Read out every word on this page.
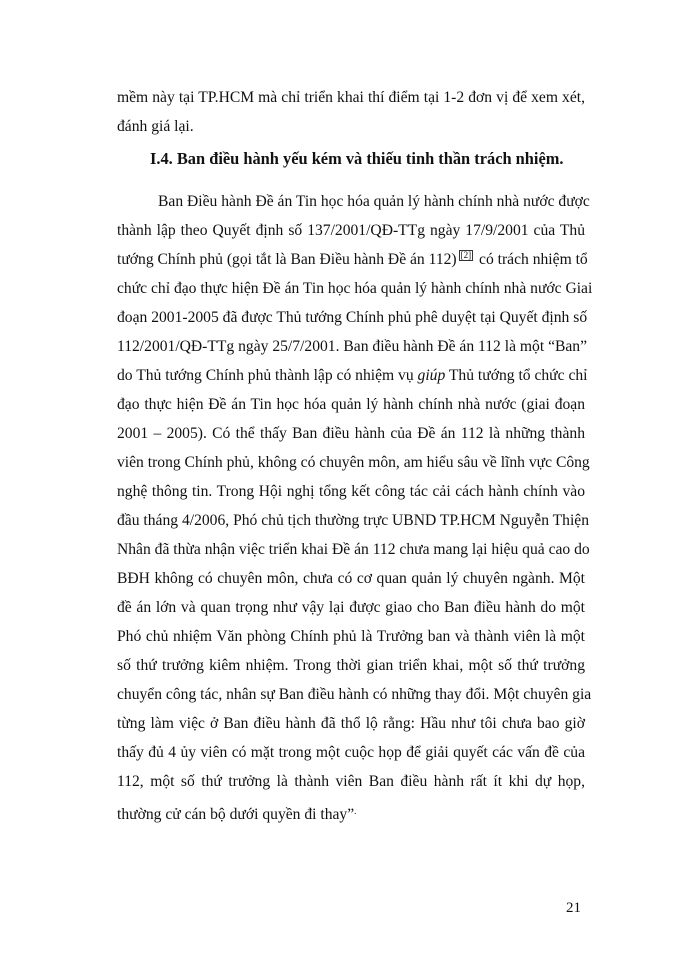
mềm này tại TP.HCM mà chỉ triển khai thí điểm tại 1-2 đơn vị để xem xét,
đánh giá lại.
I.4. Ban điều hành yếu kém và thiếu tinh thần trách nhiệm.
Ban Điều hành Đề án Tin học hóa quản lý hành chính nhà nước được
thành lập theo Quyết định số 137/2001/QĐ-TTg ngày 17/9/2001 của Thủ
tướng Chính phủ (gọi tắt là Ban Điều hành Đề án 112) [2] có trách nhiệm tổ
chức chỉ đạo thực hiện Đề án Tin học hóa quản lý hành chính nhà nước Giai
đoạn 2001-2005 đã được Thủ tướng Chính phủ phê duyệt tại Quyết định số
112/2001/QĐ-TTg ngày 25/7/2001. Ban điều hành Đề án 112 là một “Ban”
do Thủ tướng Chính phủ thành lập có nhiệm vụ giúp Thủ tướng tổ chức chỉ
đạo thực hiện Đề án Tin học hóa quản lý hành chính nhà nước (giai đoạn
2001 – 2005). Có thể thấy Ban điều hành của Đề án 112 là những thành
viên trong Chính phủ, không có chuyên môn, am hiểu sâu về lĩnh vực Công
nghệ thông tin. Trong Hội nghị tổng kết công tác cải cách hành chính vào
đầu tháng 4/2006, Phó chủ tịch thường trực UBND TP.HCM Nguyễn Thiện
Nhân đã thừa nhận việc triển khai Đề án 112 chưa mang lại hiệu quả cao do
BĐH không có chuyên môn, chưa có cơ quan quản lý chuyên ngành. Một
đề án lớn và quan trọng như vậy lại được giao cho Ban điều hành do một
Phó chủ nhiệm Văn phòng Chính phủ là Trưởng ban và thành viên là một
số thứ trưởng kiêm nhiệm. Trong thời gian triển khai, một số thứ trưởng
chuyển công tác, nhân sự Ban điều hành có những thay đổi. Một chuyên gia
từng làm việc ở Ban điều hành đã thổ lộ rằng: Hầu như tôi chưa bao giờ
thấy đủ 4 ủy viên có mặt trong một cuộc họp để giải quyết các vấn đề của
112, một số thứ trưởng là thành viên Ban điều hành rất ít khi dự họp,
thường cử cán bộ dưới quyền đi thay”.
21
